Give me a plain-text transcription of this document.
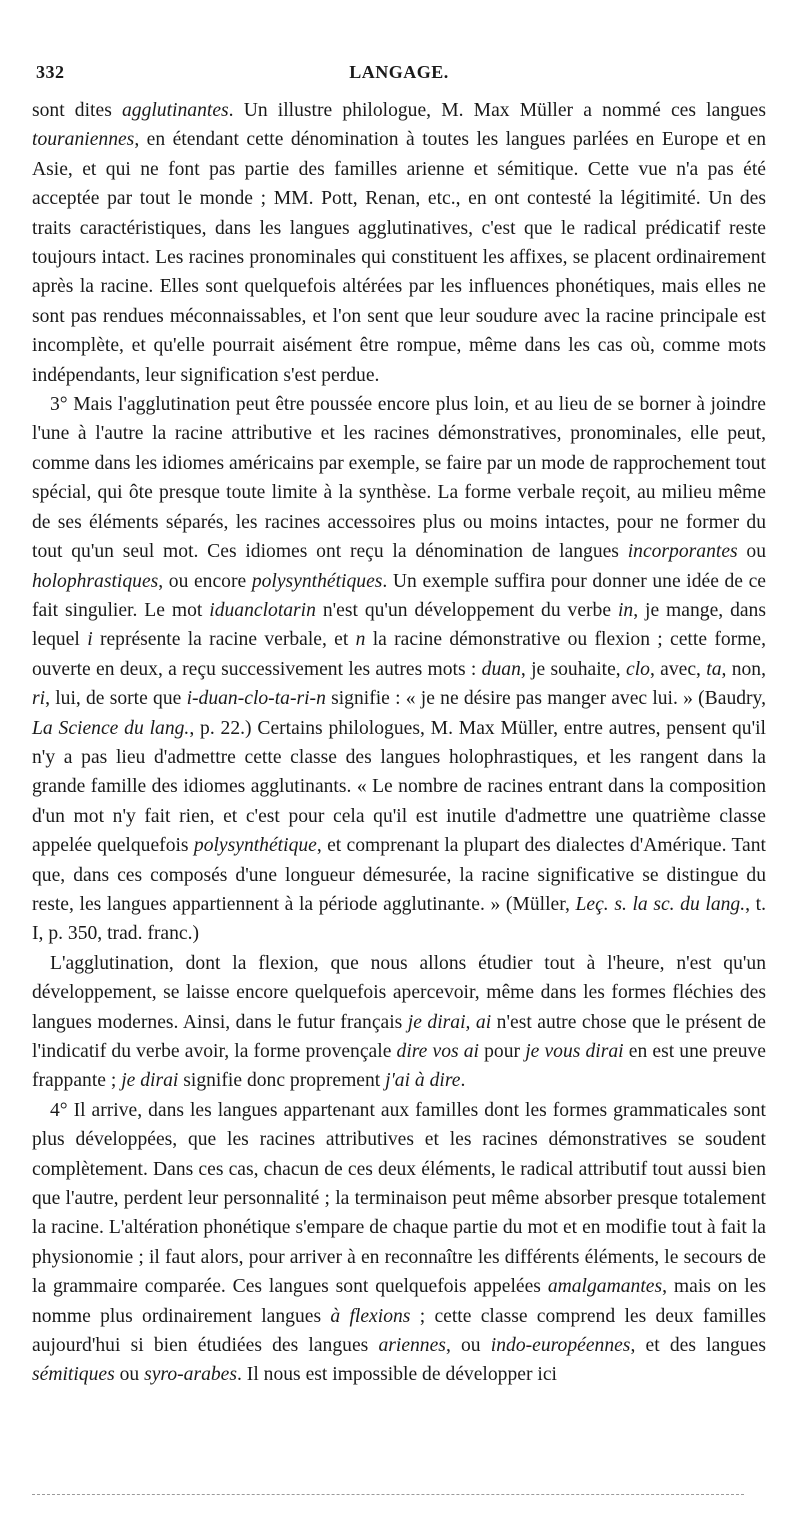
332	LANGAGE.

sont dites agglutinantes. Un illustre philologue, M. Max Müller a nommé ces langues touraniennes, en étendant cette dénomination à toutes les langues parlées en Europe et en Asie, et qui ne font pas partie des familles arienne et sémitique. Cette vue n'a pas été acceptée par tout le monde ; MM. Pott, Renan, etc., en ont contesté la légitimité. Un des traits caractéristiques, dans les langues agglutinatives, c'est que le radical prédicatif reste toujours intact. Les racines pronominales qui constituent les affixes, se placent ordinairement après la racine. Elles sont quelquefois altérées par les influences phonétiques, mais elles ne sont pas rendues méconnaissables, et l'on sent que leur soudure avec la racine principale est incomplète, et qu'elle pourrait aisément être rompue, même dans les cas où, comme mots indépendants, leur signification s'est perdue.

3° Mais l'agglutination peut être poussée encore plus loin, et au lieu de se borner à joindre l'une à l'autre la racine attributive et les racines démonstratives, pronominales, elle peut, comme dans les idiomes américains par exemple, se faire par un mode de rapprochement tout spécial, qui ôte presque toute limite à la synthèse. La forme verbale reçoit, au milieu même de ses éléments séparés, les racines accessoires plus ou moins intactes, pour ne former du tout qu'un seul mot. Ces idiomes ont reçu la dénomination de langues incorporantes ou holophrastiques, ou encore polysynthétiques. Un exemple suffira pour donner une idée de ce fait singulier. Le mot iduanclotarin n'est qu'un développement du verbe in, je mange, dans lequel i représente la racine verbale, et n la racine démonstrative ou flexion ; cette forme, ouverte en deux, a reçu successivement les autres mots : duan, je souhaite, clo, avec, ta, non, ri, lui, de sorte que i-duan-clo-ta-ri-n signifie : « je ne désire pas manger avec lui. » (Baudry, La Science du lang., p. 22.) Certains philologues, M. Max Müller, entre autres, pensent qu'il n'y a pas lieu d'admettre cette classe des langues holophrastiques, et les rangent dans la grande famille des idiomes agglutinants. « Le nombre de racines entrant dans la composition d'un mot n'y fait rien, et c'est pour cela qu'il est inutile d'admettre une quatrième classe appelée quelquefois polysynthétique, et comprenant la plupart des dialectes d'Amérique. Tant que, dans ces composés d'une longueur démesurée, la racine significative se distingue du reste, les langues appartiennent à la période agglutinante. » (Müller, Leç. s. la sc. du lang., t. I, p. 350, trad. franc.)

L'agglutination, dont la flexion, que nous allons étudier tout à l'heure, n'est qu'un développement, se laisse encore quelquefois apercevoir, même dans les formes fléchies des langues modernes. Ainsi, dans le futur français je dirai, ai n'est autre chose que le présent de l'indicatif du verbe avoir, la forme provençale dire vos ai pour je vous dirai en est une preuve frappante ; je dirai signifie donc proprement j'ai à dire.

4° Il arrive, dans les langues appartenant aux familles dont les formes grammaticales sont plus développées, que les racines attributives et les racines démonstratives se soudent complètement. Dans ces cas, chacun de ces deux éléments, le radical attributif tout aussi bien que l'autre, perdent leur personnalité ; la terminaison peut même absorber presque totalement la racine. L'altération phonétique s'empare de chaque partie du mot et en modifie tout à fait la physionomie ; il faut alors, pour arriver à en reconnaître les différents éléments, le secours de la grammaire comparée. Ces langues sont quelquefois appelées amalgamantes, mais on les nomme plus ordinairement langues à flexions ; cette classe comprend les deux familles aujourd'hui si bien étudiées des langues ariennes, ou indo-européennes, et des langues sémitiques ou syro-arabes. Il nous est impossible de développer ici
